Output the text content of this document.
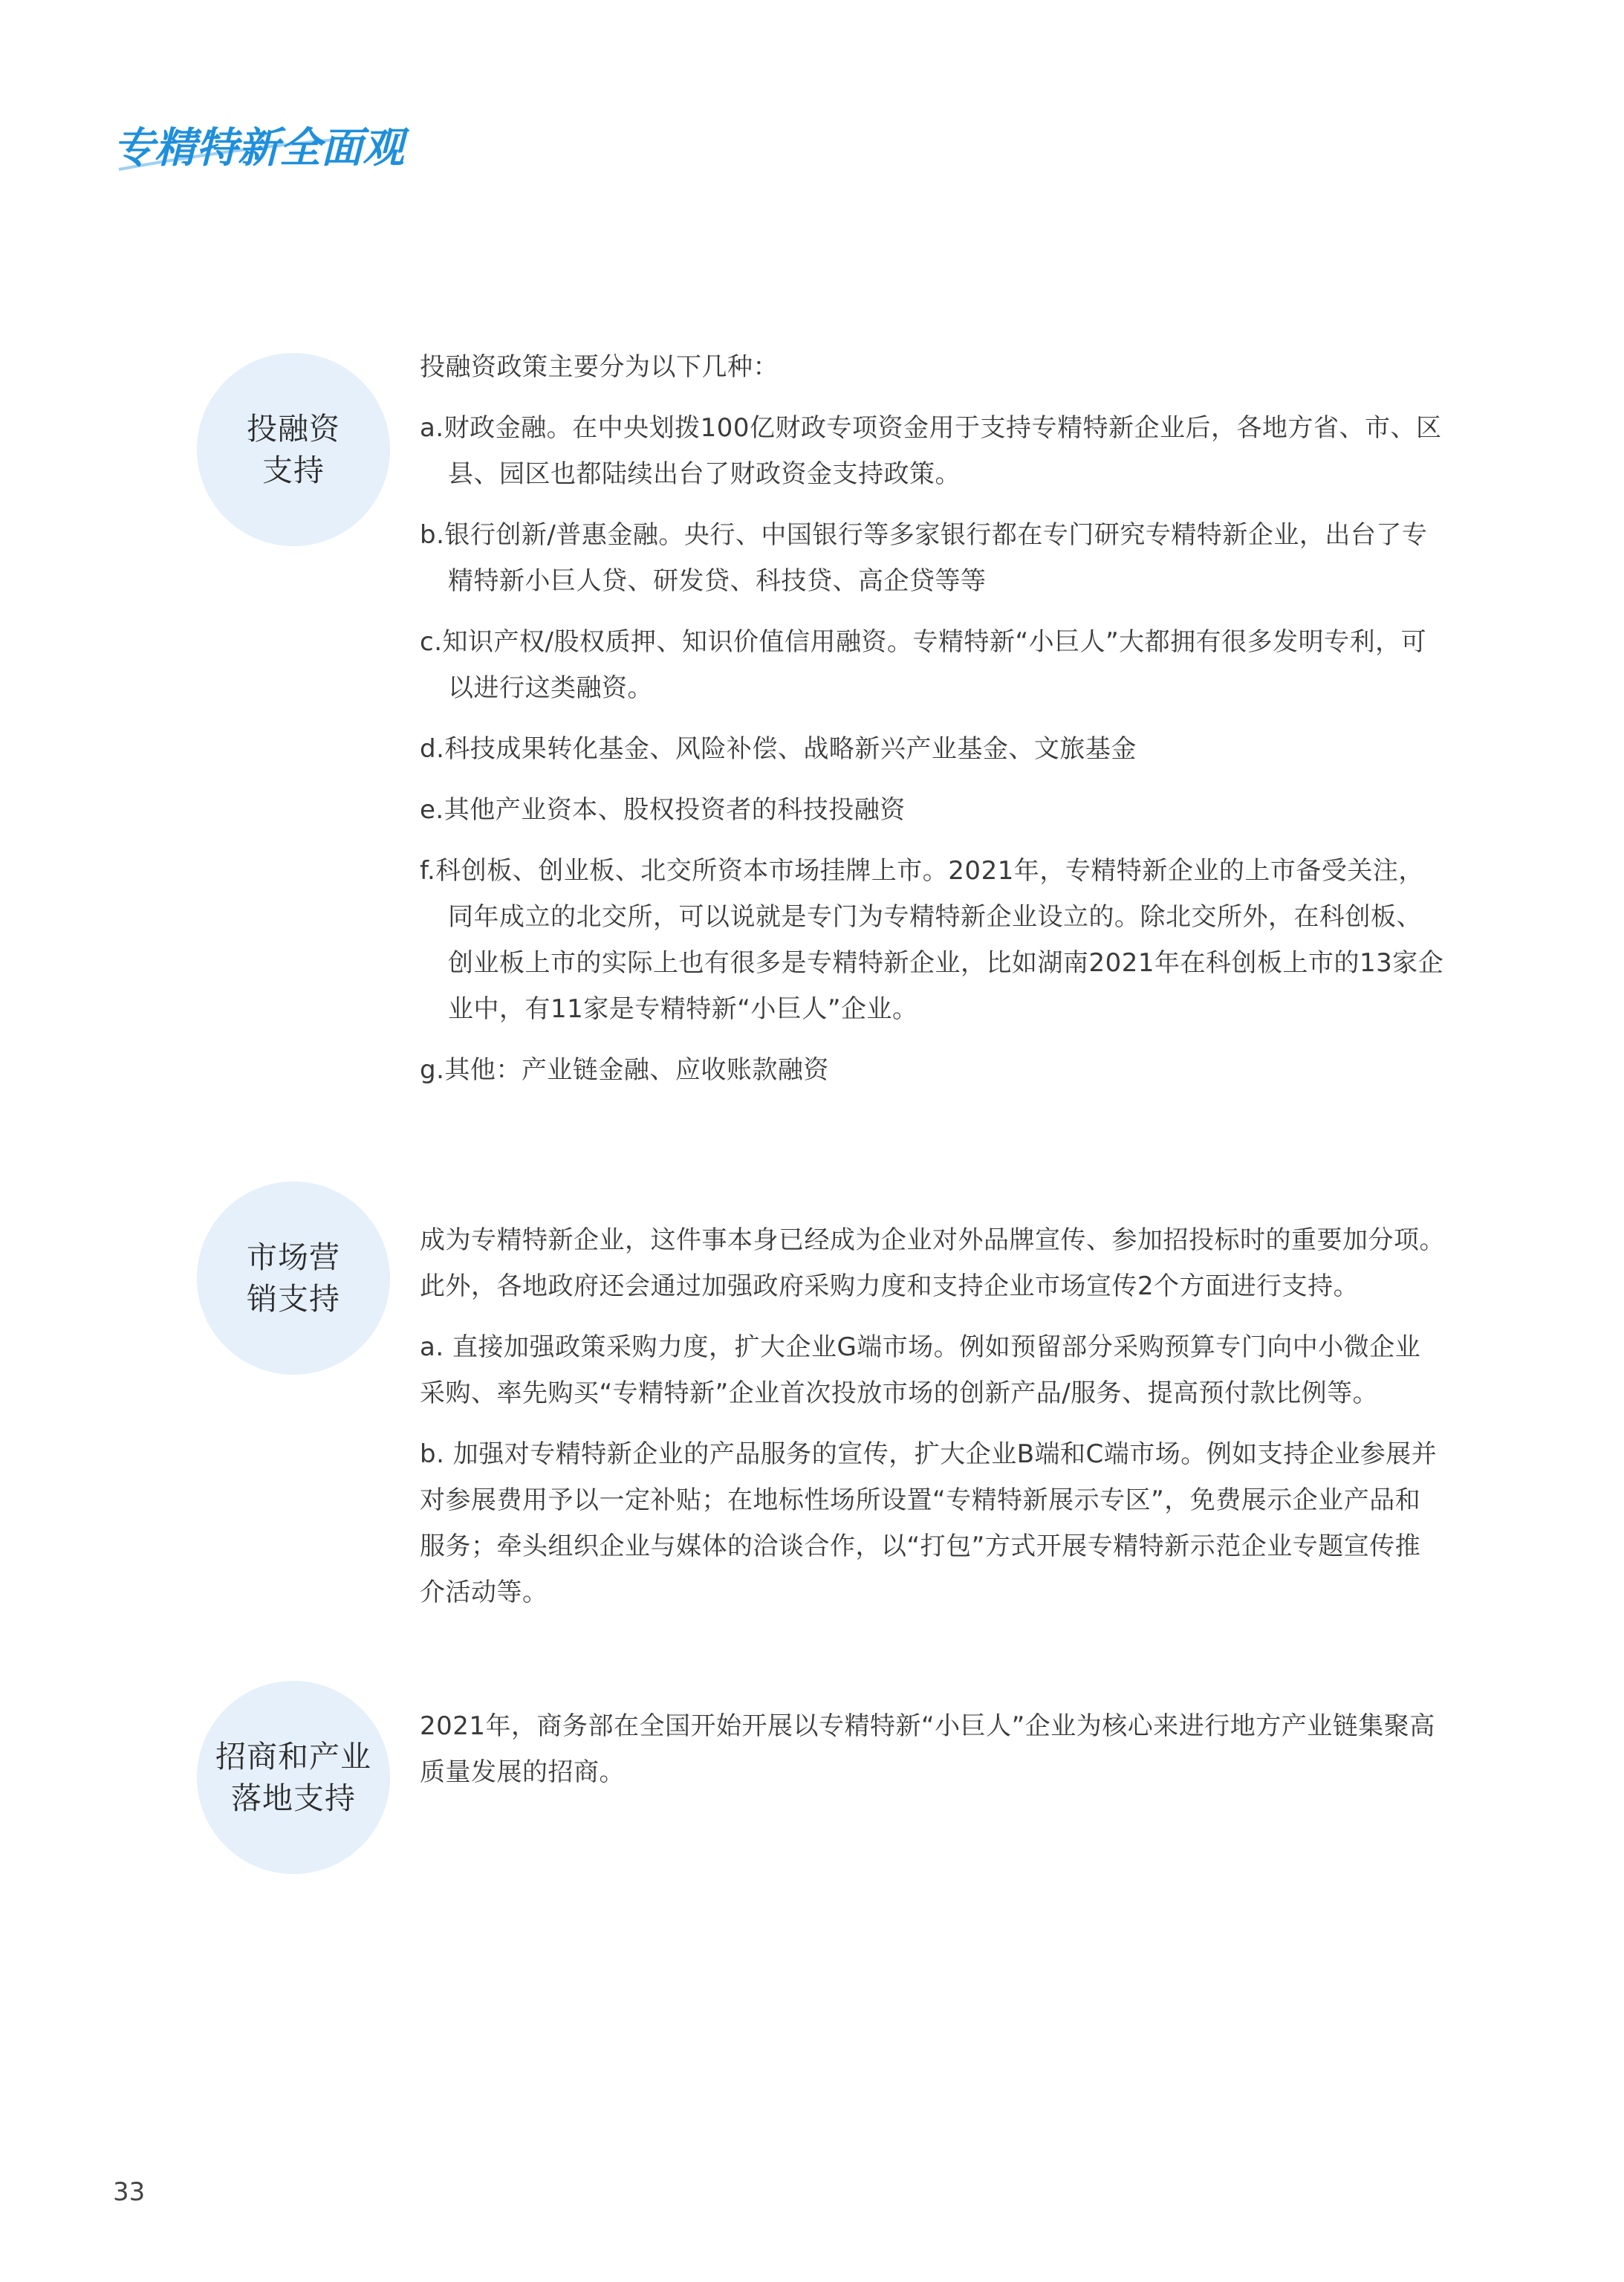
专精特新全面观
投融资
支持

投融资政策主要分为以下几种：

a.财政金融。在中央划拨100亿财政专项资金用于支持专精特新企业后，各地方省、市、区县、园区也都陆续出台了财政资金支持政策。

b.银行创新/普惠金融。央行、中国银行等多家银行都在专门研究专精特新企业，出台了专精特新小巨人贷、研发贷、科技贷、高企贷等等

c.知识产权/股权质押、知识价值信用融资。专精特新“小巨人”大都拥有很多发明专利，可以进行这类融资。

d.科技成果转化基金、风险补偿、战略新兴产业基金、文旅基金

e.其他产业资本、股权投资者的科技投融资

f.科创板、创业板、北交所资本市场挂牌上市。2021年，专精特新企业的上市备受关注，同年成立的北交所，可以说就是专门为专精特新企业设立的。除北交所外，在科创板、创业板上市的实际上也有很多是专精特新企业，比如湖南2021年在科创板上市的13家企业中，有11家是专精特新“小巨人”企业。

g.其他：产业链金融、应收账款融资

市场营
销支持

成为专精特新企业，这件事本身已经成为企业对外品牌宣传、参加招投标时的重要加分项。此外，各地政府还会通过加强政府采购力度和支持企业市场宣传2个方面进行支持。

a. 直接加强政策采购力度，扩大企业G端市场。例如预留部分采购预算专门向中小微企业采购、率先购买“专精特新”企业首次投放市场的创新产品/服务、提高预付款比例等。

b. 加强对专精特新企业的产品服务的宣传，扩大企业B端和C端市场。例如支持企业参展并对参展费用予以一定补贴；在地标性场所设置“专精特新展示专区”，免费展示企业产品和服务；牵头组织企业与媒体的洽谈合作，以“打包”方式开展专精特新示范企业专题宣传推介活动等。

招商和产业
落地支持

2021年，商务部在全国开始开展以专精特新“小巨人”企业为核心来进行地方产业链集聚高质量发展的招商。

33
